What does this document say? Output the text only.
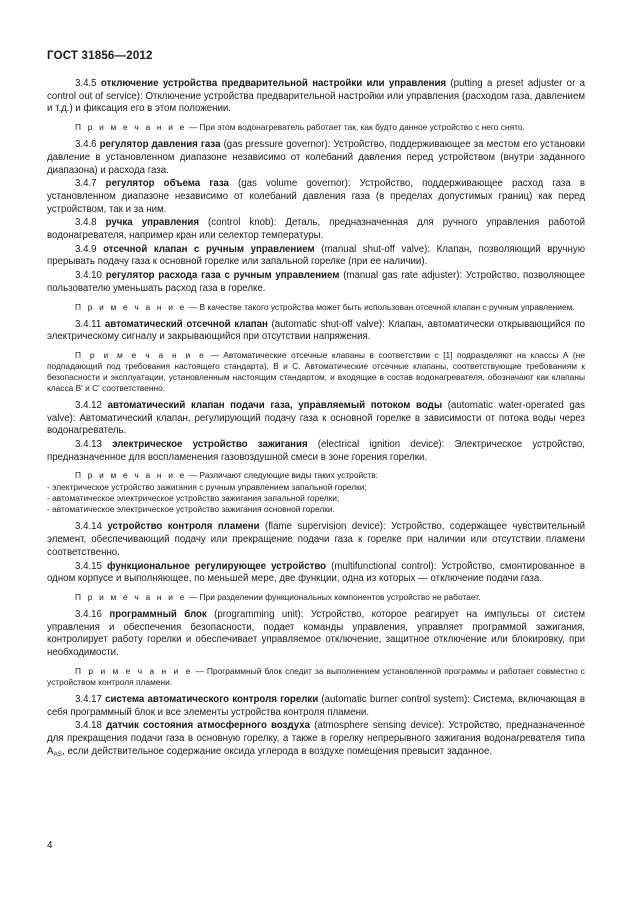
ГОСТ 31856—2012

3.4.5 отключение устройства предварительной настройки или управления (putting a preset adjuster or a control out of service): Отключение устройства предварительной настройки или управления (расходом газа, давлением и т.д.) и фиксация его в этом положении.

П р и м е ч а н и е — При этом водонагреватель работает так, как будто данное устройство с него снято.

3.4.6 регулятор давления газа (gas pressure governor): Устройство, поддерживающее за местом его установки давление в установленном диапазоне независимо от колебаний давления перед устройством (внутри заданного диапазона) и расхода газа.

3.4.7 регулятор объема газа (gas volume governor): Устройство, поддерживающее расход газа в установленном диапазоне независимо от колебаний давления газа (в пределах допустимых границ) как перед устройством, так и за ним.

3.4.8 ручка управления (control knob): Деталь, предназначенная для ручного управления работой водонагревателя, например кран или селектор температуры.

3.4.9 отсечной клапан с ручным управлением (manual shut-off valve): Клапан, позволяющий вручную прерывать подачу газа к основной горелке или запальной горелке (при ее наличии).

3.4.10 регулятор расхода газа с ручным управлением (manual gas rate adjuster): Устройство, позволяющее пользователю уменьшать расход газа в горелке.

П р и м е ч а н и е — В качестве такого устройства может быть использован отсечной клапан с ручным управлением.

3.4.11 автоматический отсечной клапан (automatic shut-off valve): Клапан, автоматически открывающийся по электрическому сигналу и закрывающийся при отсутствии напряжения.

П р и м е ч а н и е — Автоматические отсечные клапаны в соответствии с [1] подразделяют на классы А (не подпадающий под требования настоящего стандарта), В и С. Автоматические отсечные клапаны, соответствующие требованиям к безопасности и эксплуатации, установленным настоящим стандартом, и входящие в состав водонагревателя, обозначают как клапаны класса В' и С' соответственно.

3.4.12 автоматический клапан подачи газа, управляемый потоком воды (automatic water-operated gas valve): Автоматический клапан, регулирующий подачу газа к основной горелке в зависимости от потока воды через водонагреватель.

3.4.13 электрическое устройство зажигания (electrical ignition device): Электрическое устройство, предназначенное для воспламенения газовоздушной смеси в зоне горения горелки.

П р и м е ч а н и е — Различают следующие виды таких устройств:

- электрическое устройство зажигания с ручным управлением запальной горелки;
- автоматическое электрическое устройство зажигания запальной горелки;
- автоматическое электрическое устройство зажигания основной горелки.

3.4.14 устройство контроля пламени (flame supervision device): Устройство, содержащее чувствительный элемент, обеспечивающий подачу или прекращение подачи газа к горелке при наличии или отсутствии пламени соответственно.

3.4.15 функциональное регулирующее устройство (multifunctional control): Устройство, смонтированное в одном корпусе и выполняющее, по меньшей мере, две функции, одна из которых — отключение подачи газа.

П р и м е ч а н и е — При разделении функциональных компонентов устройство не работает.

3.4.16 программный блок (programming unit): Устройство, которое реагирует на импульсы от систем управления и обеспечения безопасности, подает команды управления, управляет программой зажигания, контролирует работу горелки и обеспечивает управляемое отключение, защитное отключение или блокировку, при необходимости.

П р и м е ч а н и е — Программный блок следит за выполнением установленной программы и работает совместно с устройством контроля пламени.

3.4.17 система автоматического контроля горелки (automatic burner control system): Система, включающая в себя программный блок и все элементы устройства контроля пламени.

3.4.18 датчик состояния атмосферного воздуха (atmosphere sensing device): Устройство, предназначенное для прекращения подачи газа в основную горелку, а также в горелку непрерывного зажигания водонагревателя типа $А_{AS}$, если действительное содержание оксида углерода в воздухе помещения превысит заданное.

4
